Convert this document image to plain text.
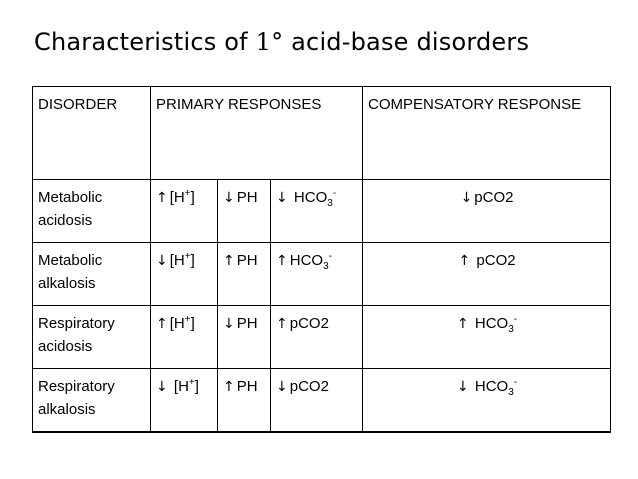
Characteristics of 1° acid-base disorders
DISORDER	PRIMARY RESPONSES			COMPENSATORY RESPONSE
Metabolic acidosis	↑ [H+]	↓ PH	↓ $HCO_3^-$	↓ pCO2
Metabolic alkalosis	↓ [H+]	↑ PH	↑ $HCO_3^-$	↑ pCO2
Respiratory acidosis	↑ [H+]	↓ PH	↑ pCO2	↑ $HCO_3^-$
Respiratory alkalosis	↓ [H+]	↑ PH	↓ pCO2	↓ $HCO_3^-$
